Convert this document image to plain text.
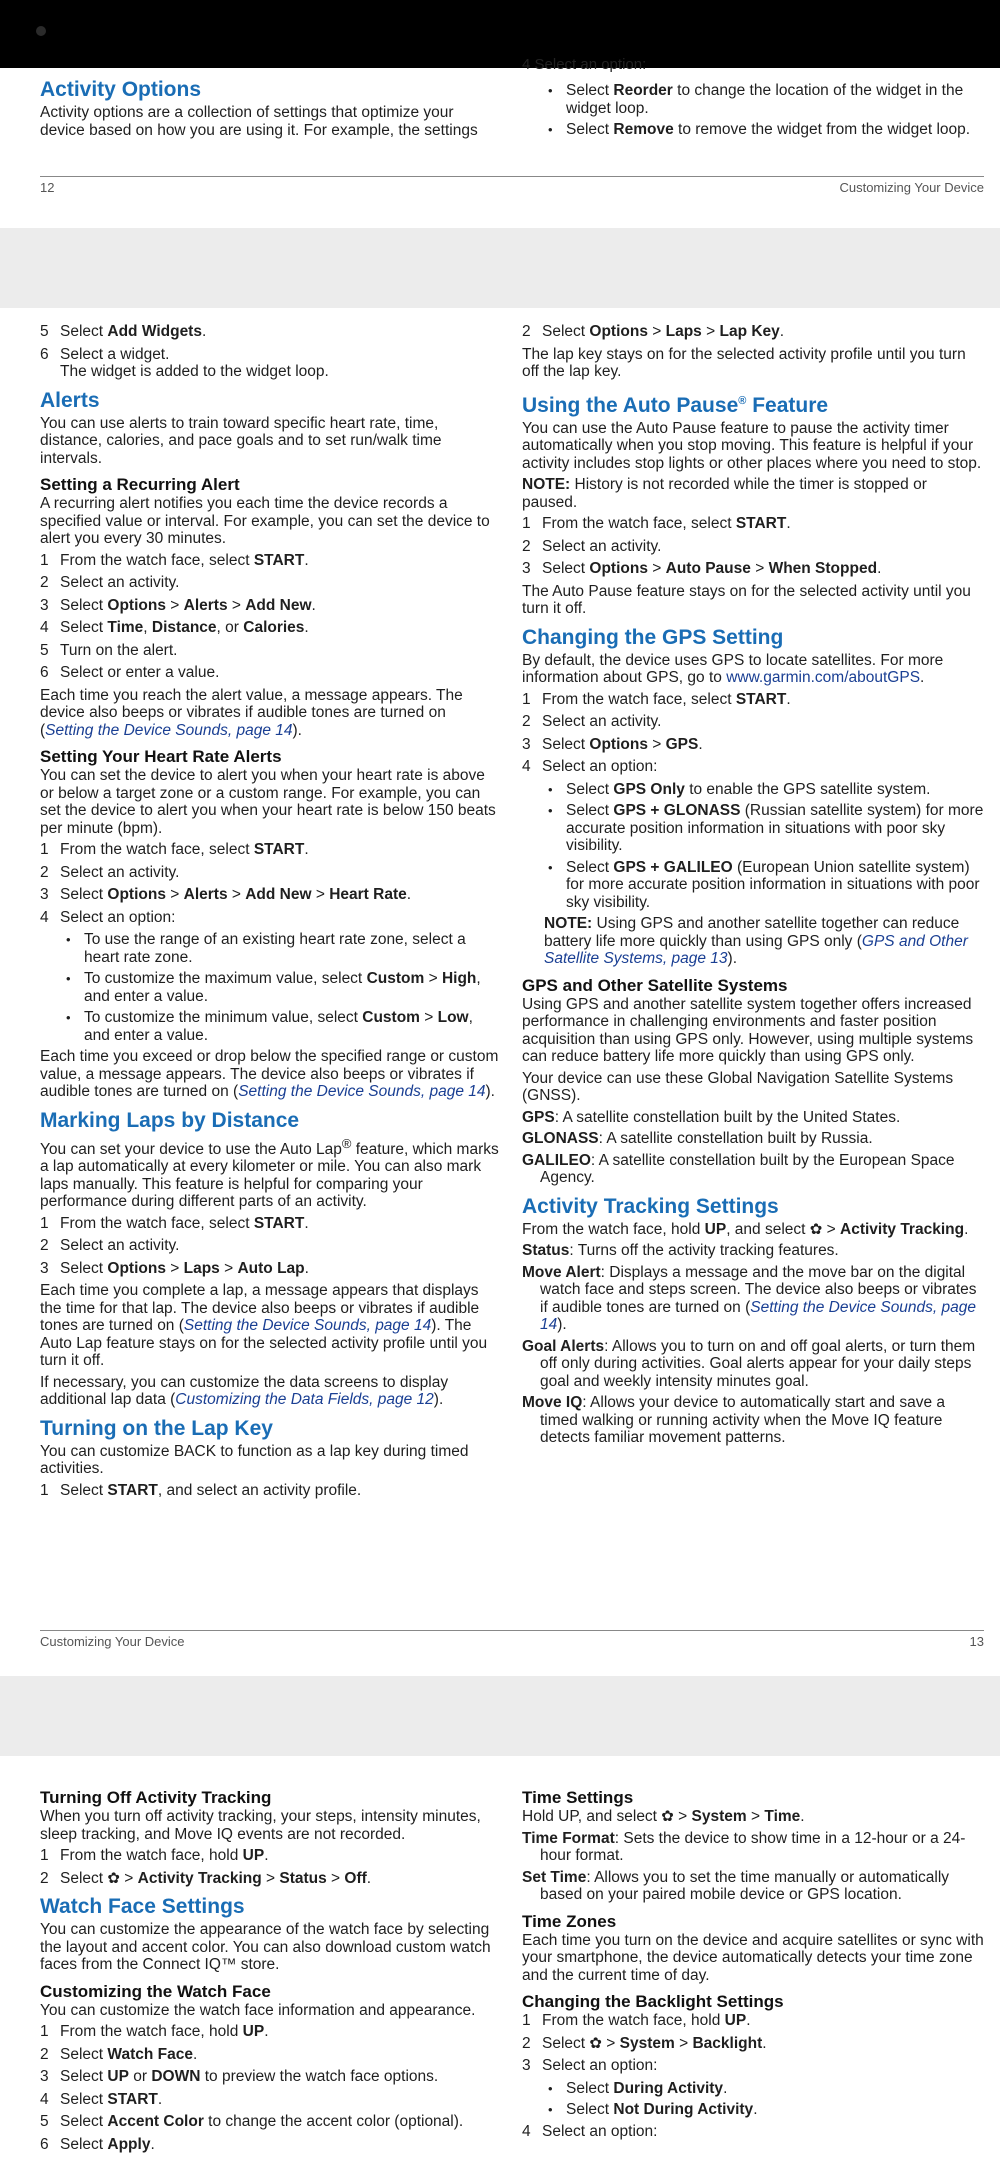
4 Select an option:
Activity Options

Activity options are a collection of settings that optimize your device based on how you are using it. For example, the settings

• Select Reorder to change the location of the widget in the widget loop.
• Select Remove to remove the widget from the widget loop.
12	Customizing Your Device
5 Select Add Widgets.
6 Select a widget.
The widget is added to the widget loop.
Alerts

You can use alerts to train toward specific heart rate, time, distance, calories, and pace goals and to set run/walk time intervals.

Setting a Recurring Alert

A recurring alert notifies you each time the device records a specified value or interval. For example, you can set the device to alert you every 30 minutes.

1 From the watch face, select START.
2 Select an activity.
3 Select Options > Alerts > Add New.
4 Select Time, Distance, or Calories.
5 Turn on the alert.
6 Select or enter a value.

Each time you reach the alert value, a message appears. The device also beeps or vibrates if audible tones are turned on (Setting the Device Sounds, page 14).

Setting Your Heart Rate Alerts

You can set the device to alert you when your heart rate is above or below a target zone or a custom range. For example, you can set the device to alert you when your heart rate is below 150 beats per minute (bpm).

1 From the watch face, select START.
2 Select an activity.
3 Select Options > Alerts > Add New > Heart Rate.
4 Select an option:
• To use the range of an existing heart rate zone, select a heart rate zone.
• To customize the maximum value, select Custom > High, and enter a value.
• To customize the minimum value, select Custom > Low, and enter a value.

Each time you exceed or drop below the specified range or custom value, a message appears. The device also beeps or vibrates if audible tones are turned on (Setting the Device Sounds, page 14).

Marking Laps by Distance

You can set your device to use the Auto Lap® feature, which marks a lap automatically at every kilometer or mile. You can also mark laps manually. This feature is helpful for comparing your performance during different parts of an activity.

1 From the watch face, select START.
2 Select an activity.
3 Select Options > Laps > Auto Lap.

Each time you complete a lap, a message appears that displays the time for that lap. The device also beeps or vibrates if audible tones are turned on (Setting the Device Sounds, page 14). The Auto Lap feature stays on for the selected activity profile until you turn it off.

If necessary, you can customize the data screens to display additional lap data (Customizing the Data Fields, page 12).

Turning on the Lap Key

You can customize BACK to function as a lap key during timed activities.

1 Select START, and select an activity profile.
2 Select Options > Laps > Lap Key.

The lap key stays on for the selected activity profile until you turn off the lap key.

Using the Auto Pause® Feature

You can use the Auto Pause feature to pause the activity timer automatically when you stop moving. This feature is helpful if your activity includes stop lights or other places where you need to stop.

NOTE: History is not recorded while the timer is stopped or paused.

1 From the watch face, select START.
2 Select an activity.
3 Select Options > Auto Pause > When Stopped.

The Auto Pause feature stays on for the selected activity until you turn it off.

Changing the GPS Setting

By default, the device uses GPS to locate satellites. For more information about GPS, go to www.garmin.com/aboutGPS.

1 From the watch face, select START.
2 Select an activity.
3 Select Options > GPS.
4 Select an option:
• Select GPS Only to enable the GPS satellite system.
• Select GPS + GLONASS (Russian satellite system) for more accurate position information in situations with poor sky visibility.
• Select GPS + GALILEO (European Union satellite system) for more accurate position information in situations with poor sky visibility.

NOTE: Using GPS and another satellite together can reduce battery life more quickly than using GPS only (GPS and Other Satellite Systems, page 13).

GPS and Other Satellite Systems

Using GPS and another satellite system together offers increased performance in challenging environments and faster position acquisition than using GPS only. However, using multiple systems can reduce battery life more quickly than using GPS only.

Your device can use these Global Navigation Satellite Systems (GNSS).

GPS: A satellite constellation built by the United States.

GLONASS: A satellite constellation built by Russia.

GALILEO: A satellite constellation built by the European Space Agency.

Activity Tracking Settings

From the watch face, hold UP, and select ✿ > Activity Tracking.

Status: Turns off the activity tracking features.

Move Alert: Displays a message and the move bar on the digital watch face and steps screen. The device also beeps or vibrates if audible tones are turned on (Setting the Device Sounds, page 14).

Goal Alerts: Allows you to turn on and off goal alerts, or turn them off only during activities. Goal alerts appear for your daily steps goal and weekly intensity minutes goal.

Move IQ: Allows your device to automatically start and save a timed walking or running activity when the Move IQ feature detects familiar movement patterns.

Customizing Your Device	13
Turning Off Activity Tracking

When you turn off activity tracking, your steps, intensity minutes, sleep tracking, and Move IQ events are not recorded.

1 From the watch face, hold UP.
2 Select ✿ > Activity Tracking > Status > Off.
Watch Face Settings

You can customize the appearance of the watch face by selecting the layout and accent color. You can also download custom watch faces from the Connect IQ™ store.

Customizing the Watch Face

You can customize the watch face information and appearance.

1 From the watch face, hold UP.
2 Select Watch Face.
3 Select UP or DOWN to preview the watch face options.
4 Select START.
5 Select Accent Color to change the accent color (optional).
6 Select Apply.
Time Settings

Hold UP, and select ✿ > System > Time.

Time Format: Sets the device to show time in a 12-hour or a 24-hour format.

Set Time: Allows you to set the time manually or automatically based on your paired mobile device or GPS location.

Time Zones

Each time you turn on the device and acquire satellites or sync with your smartphone, the device automatically detects your time zone and the current time of day.

Changing the Backlight Settings
1 From the watch face, hold UP.
2 Select ✿ > System > Backlight.
3 Select an option:
• Select During Activity.
• Select Not During Activity.
4 Select an option:
